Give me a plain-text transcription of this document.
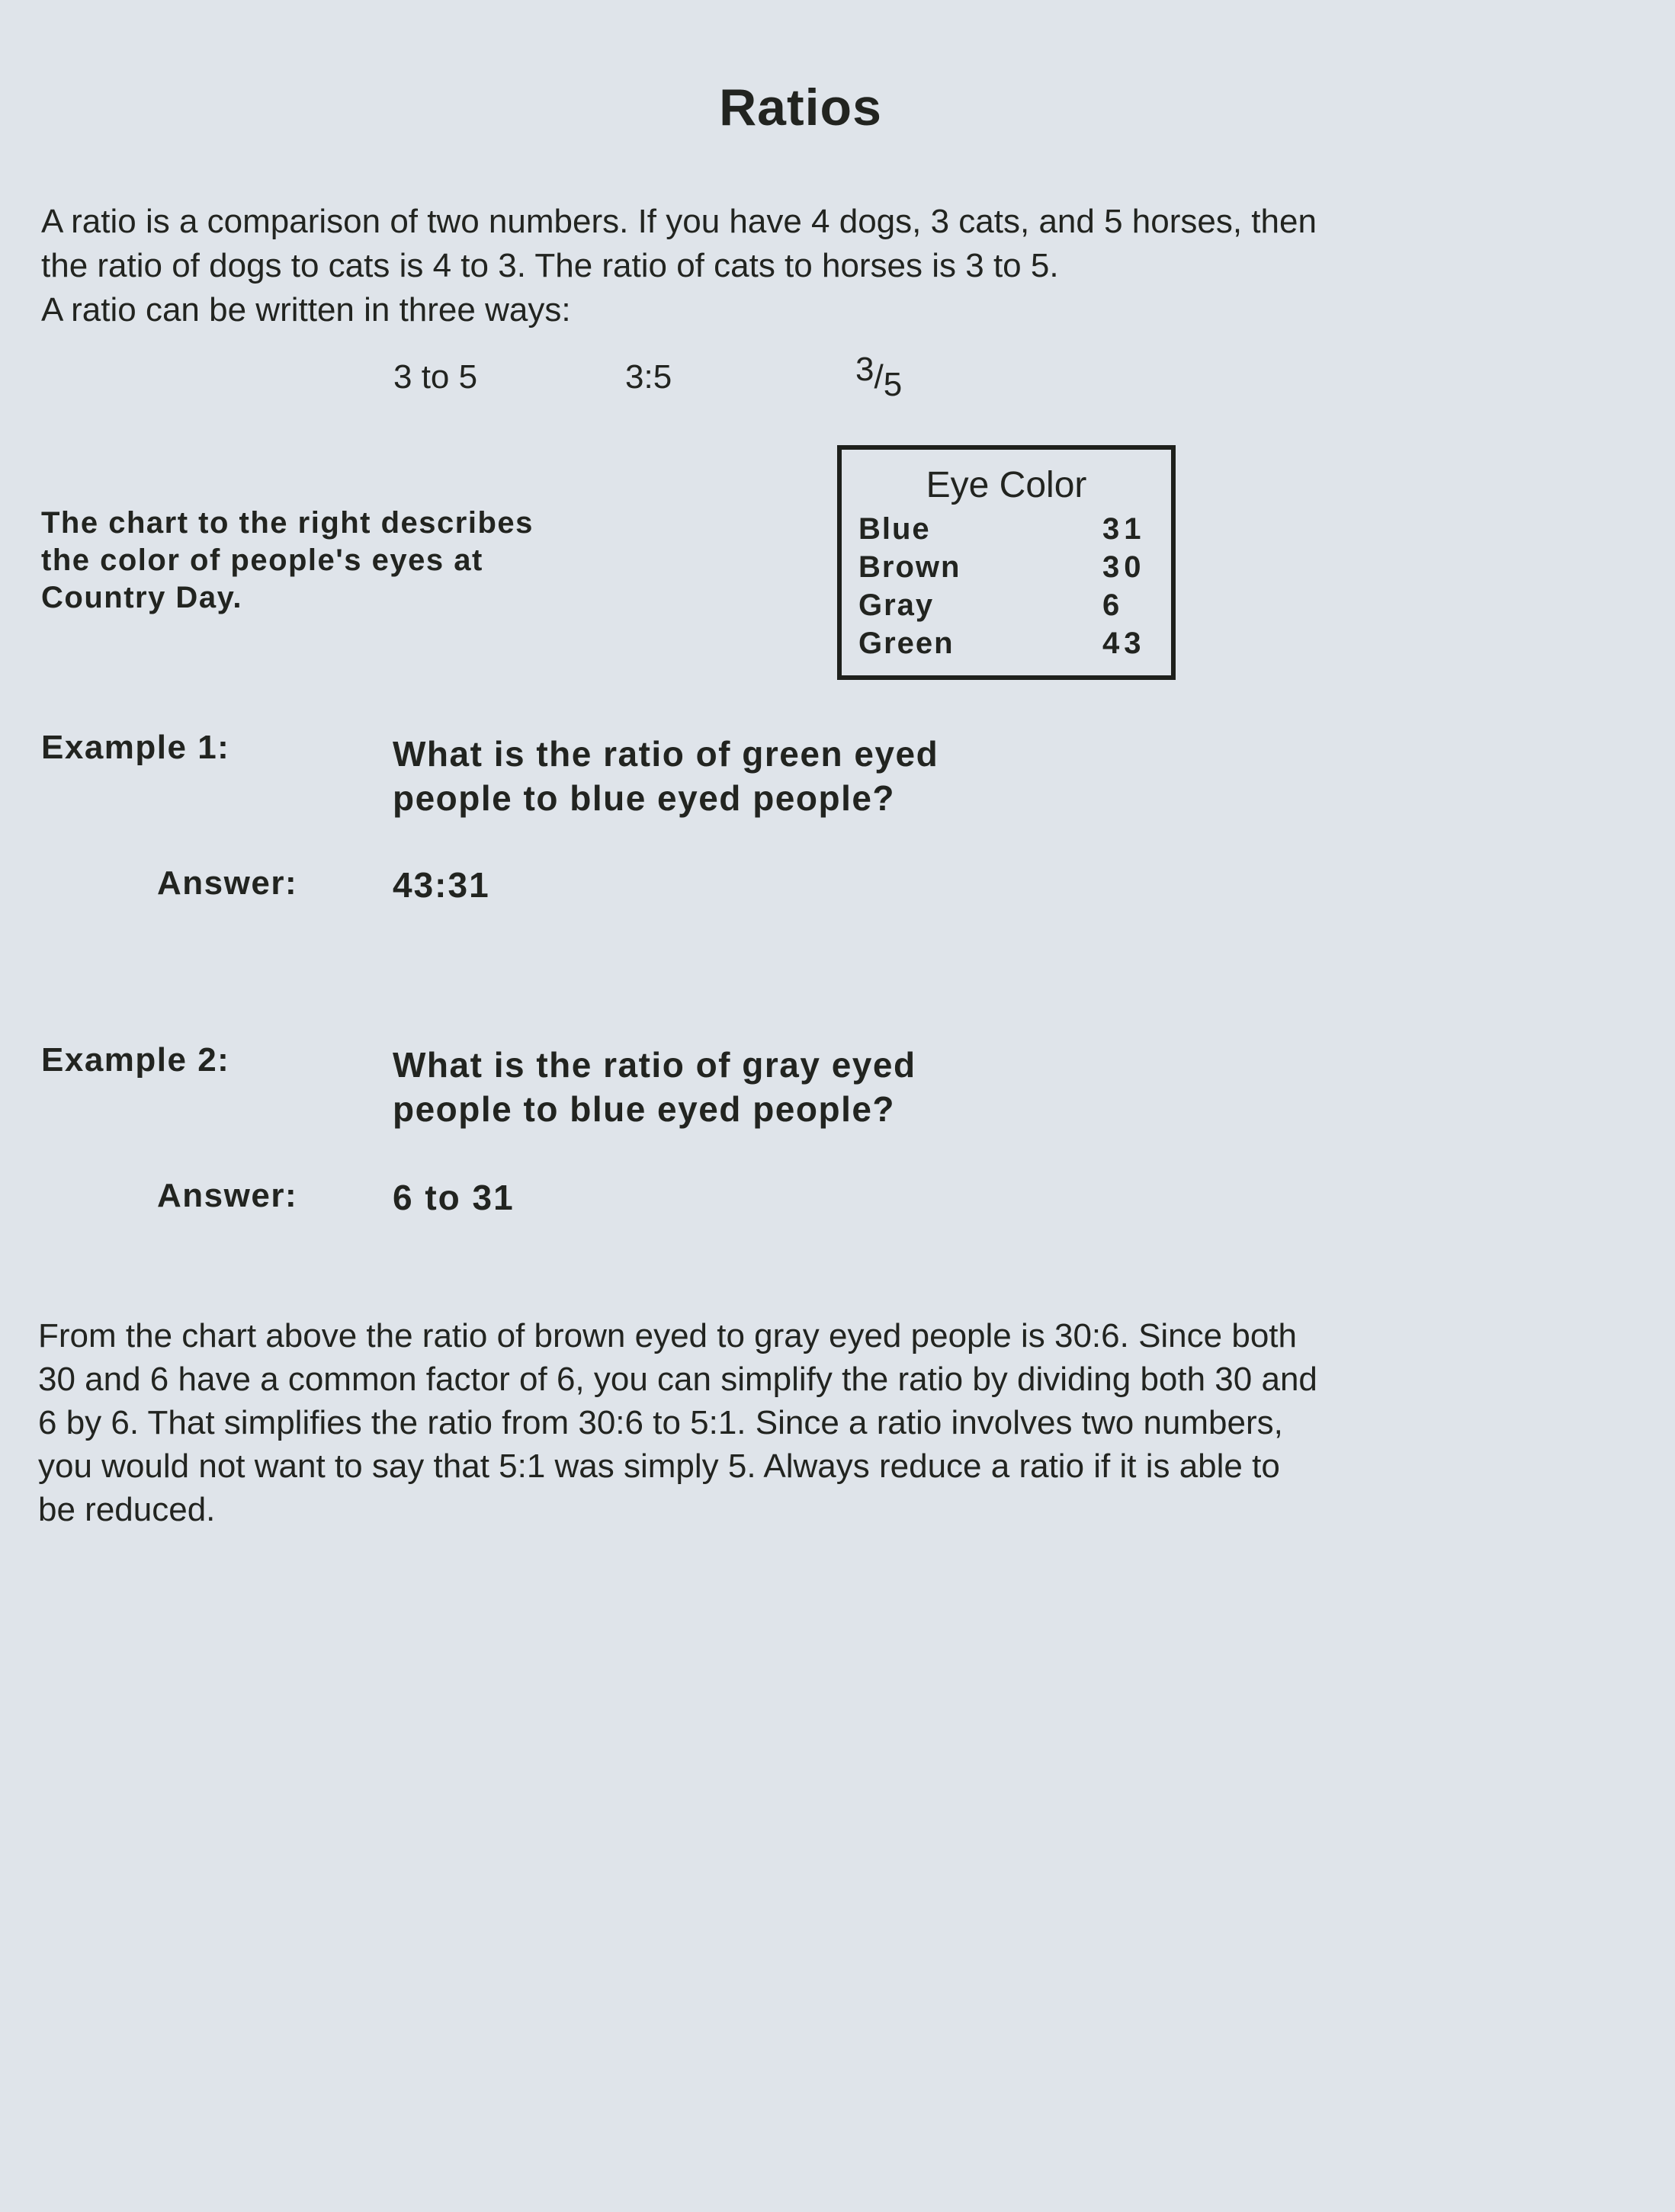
Ratios

A ratio is a comparison of two numbers. If you have 4 dogs, 3 cats, and 5 horses, then

the ratio of dogs to cats is 4 to 3. The ratio of cats to horses is 3 to 5.

A ratio can be written in three ways:

3 to 5	3:5	3/5
The chart to the right describes
the color of people's eyes at
Country Day.
Eye Color
Blue	31
Brown	30
Gray	6
Green	43
Example 1:	What is the ratio of green eyed
people to blue eyed people?
Answer:	43:31
Example 2:	What is the ratio of gray eyed
people to blue eyed people?
Answer:	6 to 31

From the chart above the ratio of brown eyed to gray eyed people is 30:6. Since both

30 and 6 have a common factor of 6, you can simplify the ratio by dividing both 30 and

6 by 6. That simplifies the ratio from 30:6 to 5:1. Since a ratio involves two numbers,

you would not want to say that 5:1 was simply 5. Always reduce a ratio if it is able to

be reduced.
